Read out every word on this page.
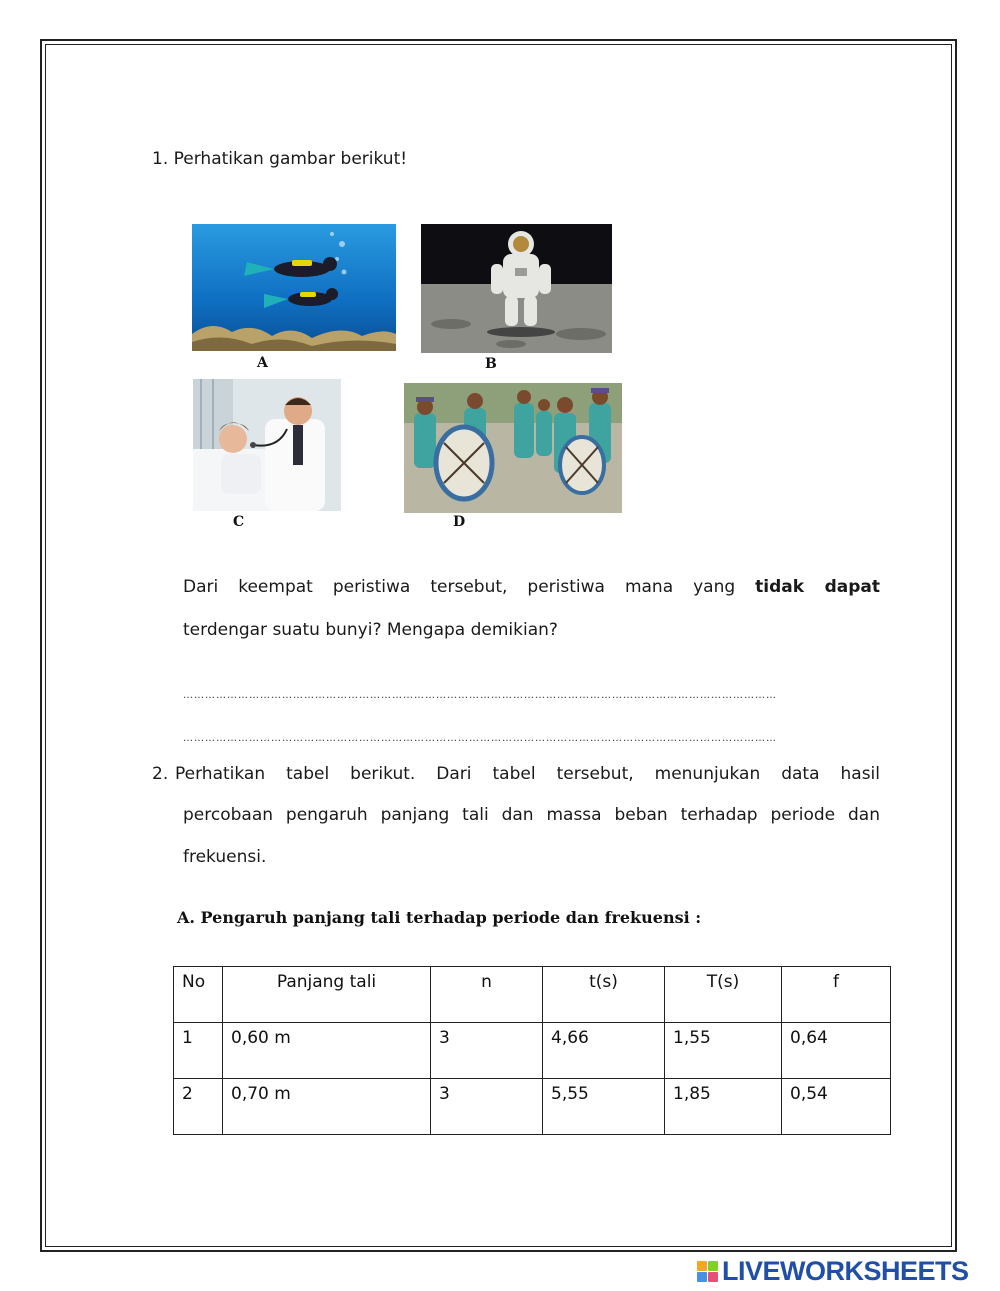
1. Perhatikan gambar berikut!
A	B
C	D
Dari keempat peristiwa tersebut, peristiwa mana yang tidak dapat
terdengar suatu bunyi? Mengapa demikian?
………………………………………………………………………………………………………………………………………………
………………………………………………………………………………………………………………………………………………
2. Perhatikan tabel berikut. Dari tabel tersebut, menunjukan data hasil
percobaan pengaruh panjang tali dan massa beban terhadap periode dan
frekuensi.
A. Pengaruh panjang tali terhadap periode dan frekuensi :
No	Panjang tali	n	t(s)	T(s)	f
1	0,60 m	3	4,66	1,55	0,64
2	0,70 m	3	5,55	1,85	0,54
LIVEWORKSHEETS
